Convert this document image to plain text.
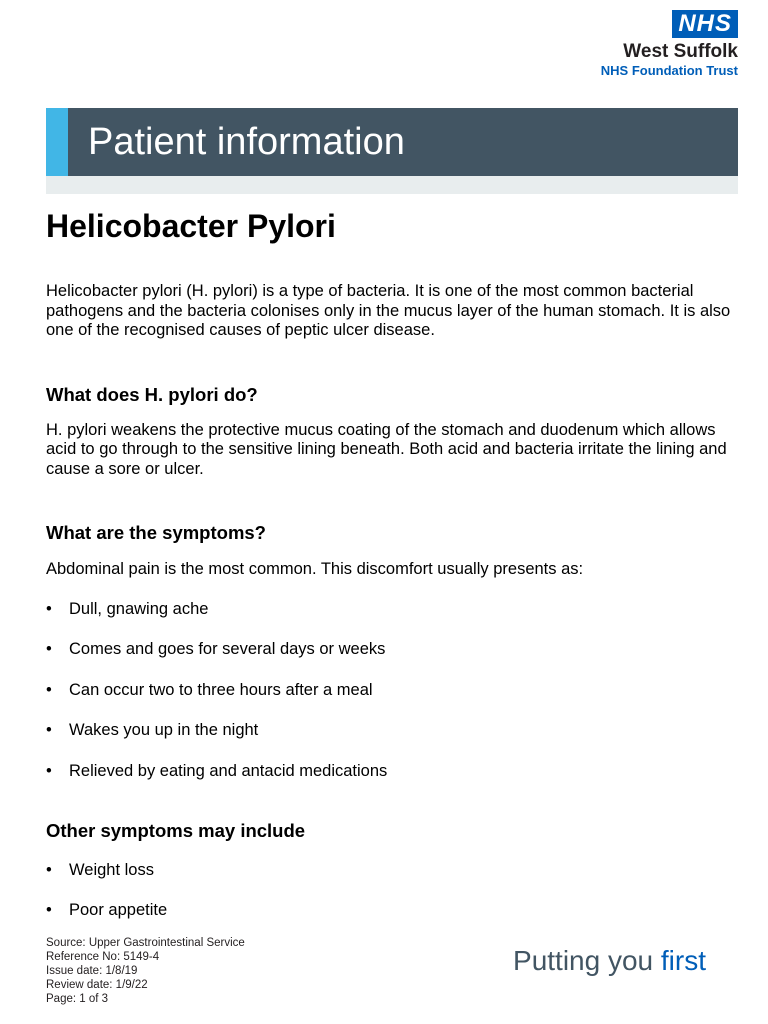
NHS
West Suffolk
NHS Foundation Trust
Patient information
Helicobacter Pylori

Helicobacter pylori (H. pylori) is a type of bacteria. It is one of the most common bacterial pathogens and the bacteria colonises only in the mucus layer of the human stomach. It is also one of the recognised causes of peptic ulcer disease.

What does H. pylori do?

H. pylori weakens the protective mucus coating of the stomach and duodenum which allows acid to go through to the sensitive lining beneath. Both acid and bacteria irritate the lining and cause a sore or ulcer.

What are the symptoms?

Abdominal pain is the most common. This discomfort usually presents as:

• Dull, gnawing ache
• Comes and goes for several days or weeks
• Can occur two to three hours after a meal
• Wakes you up in the night
• Relieved by eating and antacid medications
Other symptoms may include
• Weight loss
• Poor appetite
Source: Upper Gastrointestinal Service
Reference No: 5149-4
Issue date: 1/8/19
Review date: 1/9/22
Page: 1 of 3
Putting you first
